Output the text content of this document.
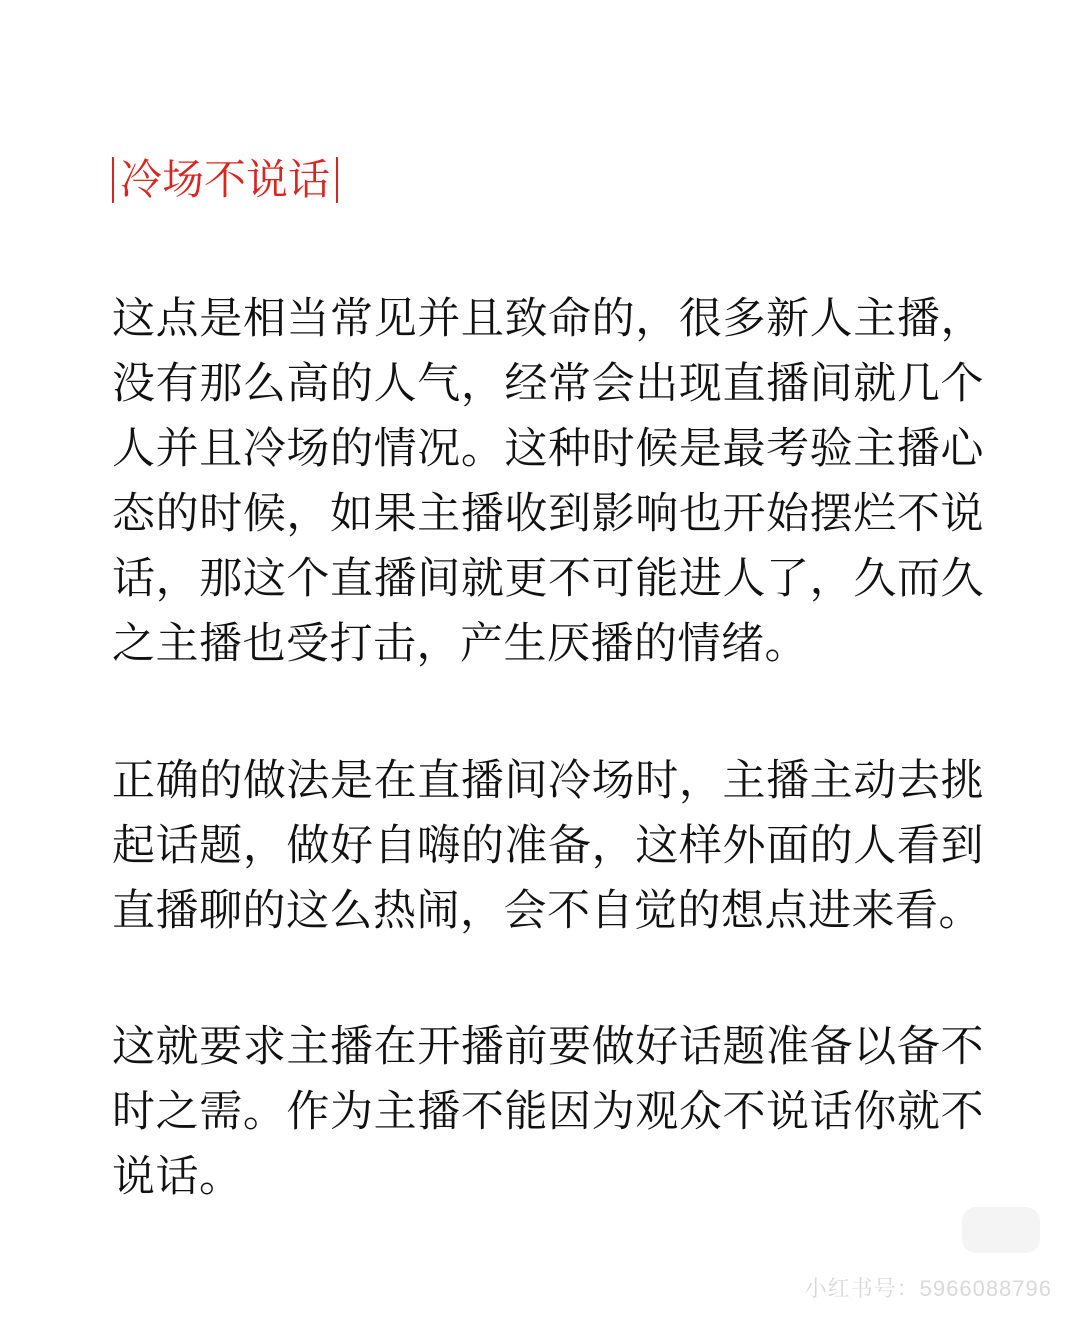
冷场不说话

这点是相当常见并且致命的，很多新人主播，没有那么高的人气，经常会出现直播间就几个人并且冷场的情况。这种时候是最考验主播心态的时候，如果主播收到影响也开始摆烂不说话，那这个直播间就更不可能进人了，久而久之主播也受打击，产生厌播的情绪。

正确的做法是在直播间冷场时，主播主动去挑起话题，做好自嗨的准备，这样外面的人看到直播聊的这么热闹，会不自觉的想点进来看。

这就要求主播在开播前要做好话题准备以备不时之需。作为主播不能因为观众不说话你就不说话。

小红书号：5966088796
